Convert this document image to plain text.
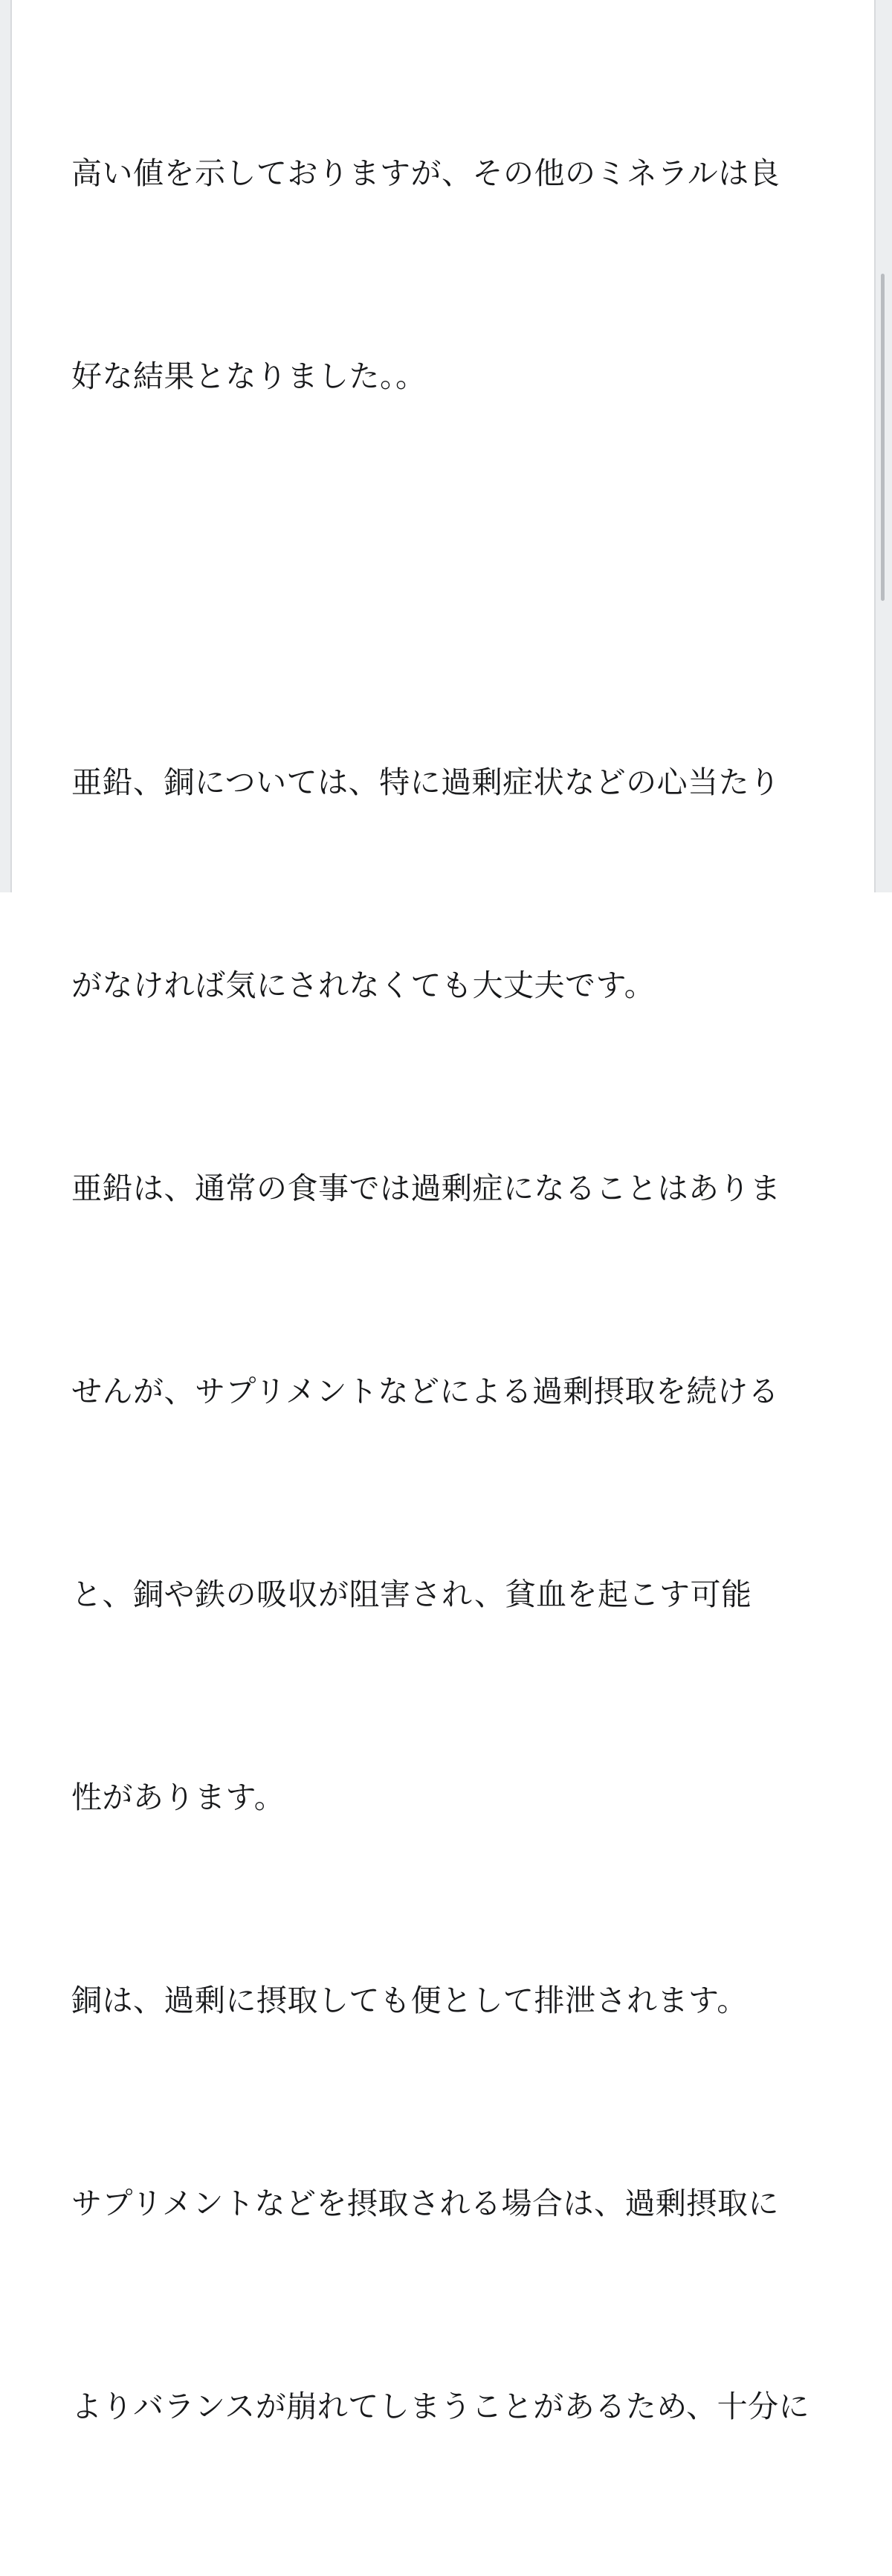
高い値を示しておりますが、その他のミネラルは良

好な結果となりました。。

亜鉛、銅については、特に過剰症状などの心当たり

がなければ気にされなくても大丈夫です。

亜鉛は、通常の食事では過剰症になることはありま

せんが、サプリメントなどによる過剰摂取を続ける

と、銅や鉄の吸収が阻害され、貧血を起こす可能

性があります。

銅は、過剰に摂取しても便として排泄されます。

サプリメントなどを摂取される場合は、過剰摂取に

よりバランスが崩れてしまうことがあるため、十分に
